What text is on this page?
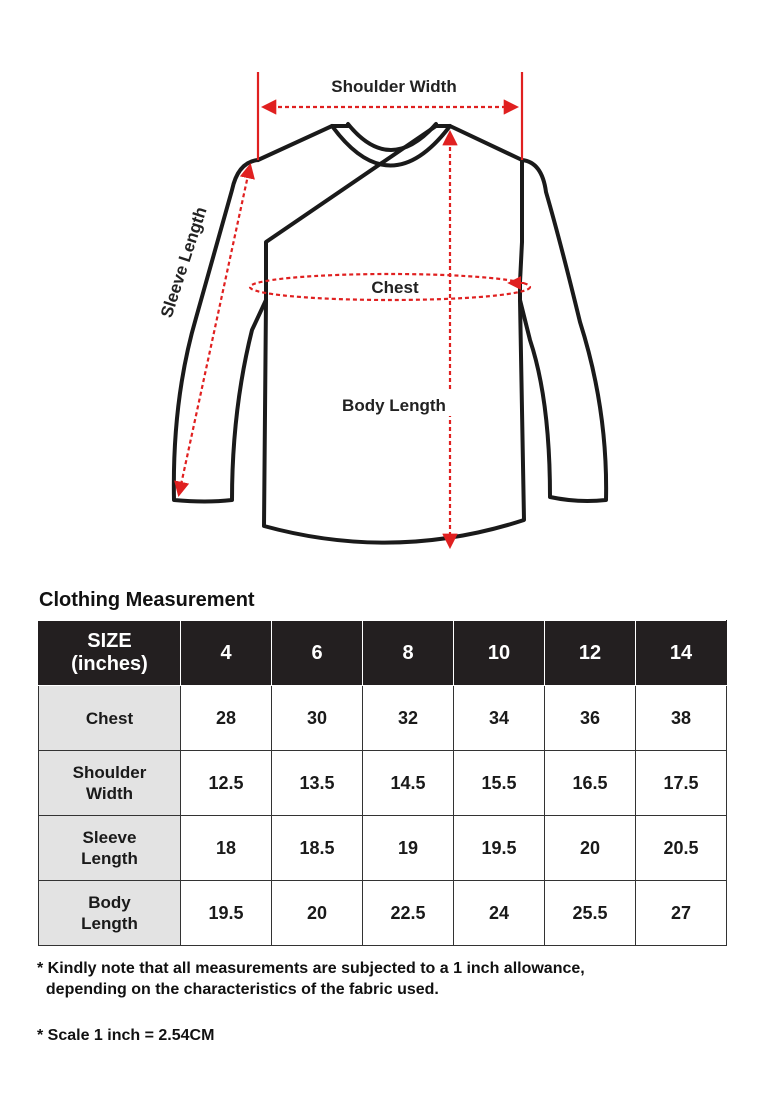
Shoulder Width
Sleeve Length	Chest
Body Length
Clothing Measurement
SIZE
(inches)	4	6	8	10	12	14

Chest	28	30	32	34	36	38

Shoulder
Width	12.5	13.5	14.5	15.5	16.5	17.5

Sleeve
Length	18	18.5	19	19.5	20	20.5

Body
Length	19.5	20	22.5	24	25.5	27
* Kindly note that all measurements are subjected to a 1 inch allowance,
depending on the characteristics of the fabric used.
* Scale 1 inch = 2.54CM
